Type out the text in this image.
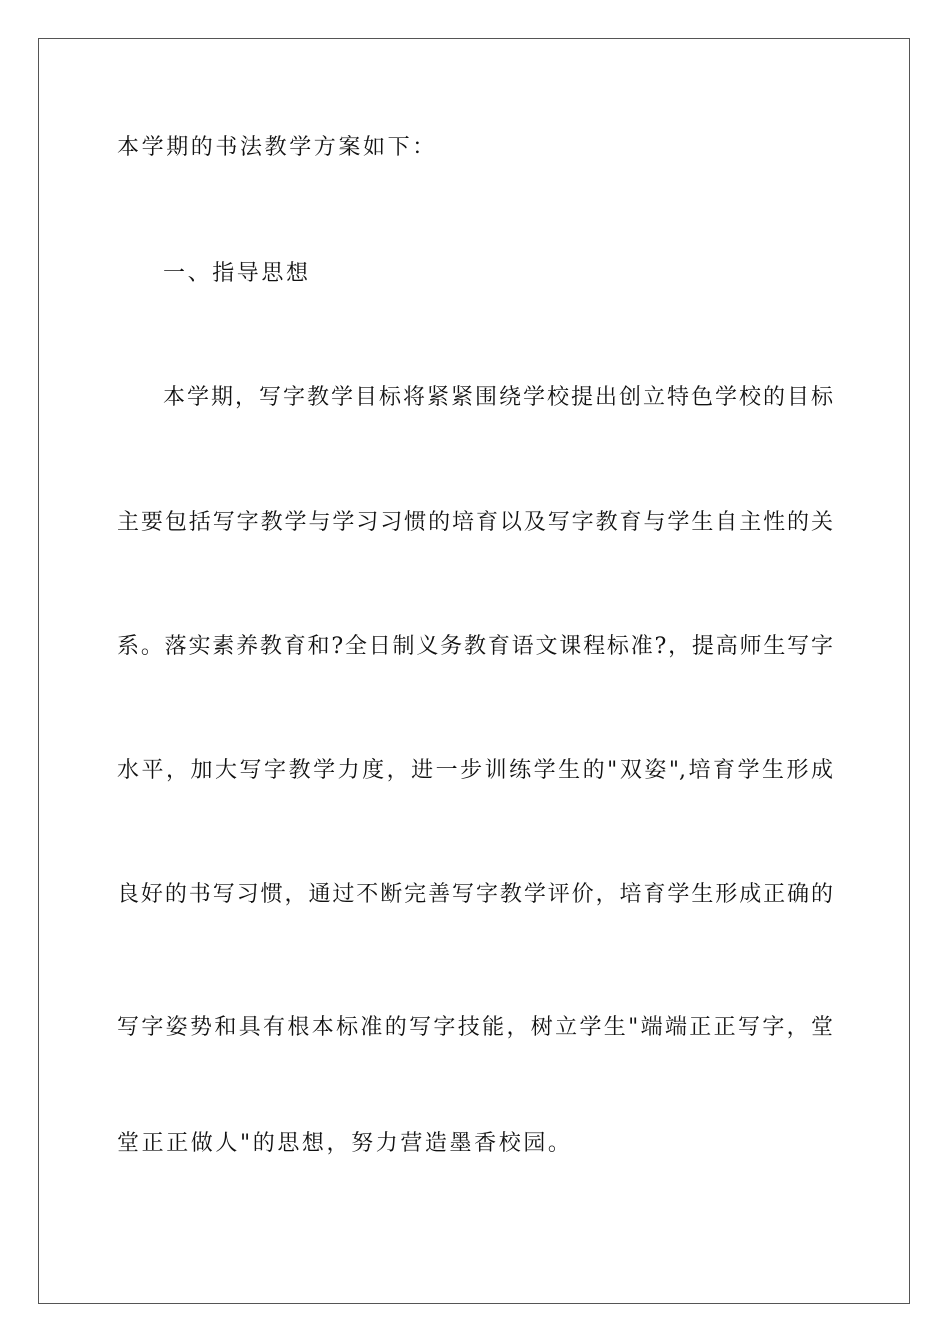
本学期的书法教学方案如下：

一、指导思想

本学期，写字教学目标将紧紧围绕学校提出创立特色学校的目标

主要包括写字教学与学习习惯的培育以及写字教育与学生自主性的关

系。落实素养教育和?全日制义务教育语文课程标准?，提高师生写字

水平，加大写字教学力度，进一步训练学生的"双姿",培育学生形成

良好的书写习惯，通过不断完善写字教学评价，培育学生形成正确的

写字姿势和具有根本标准的写字技能，树立学生"端端正正写字，堂

堂正正做人"的思想，努力营造墨香校园。
